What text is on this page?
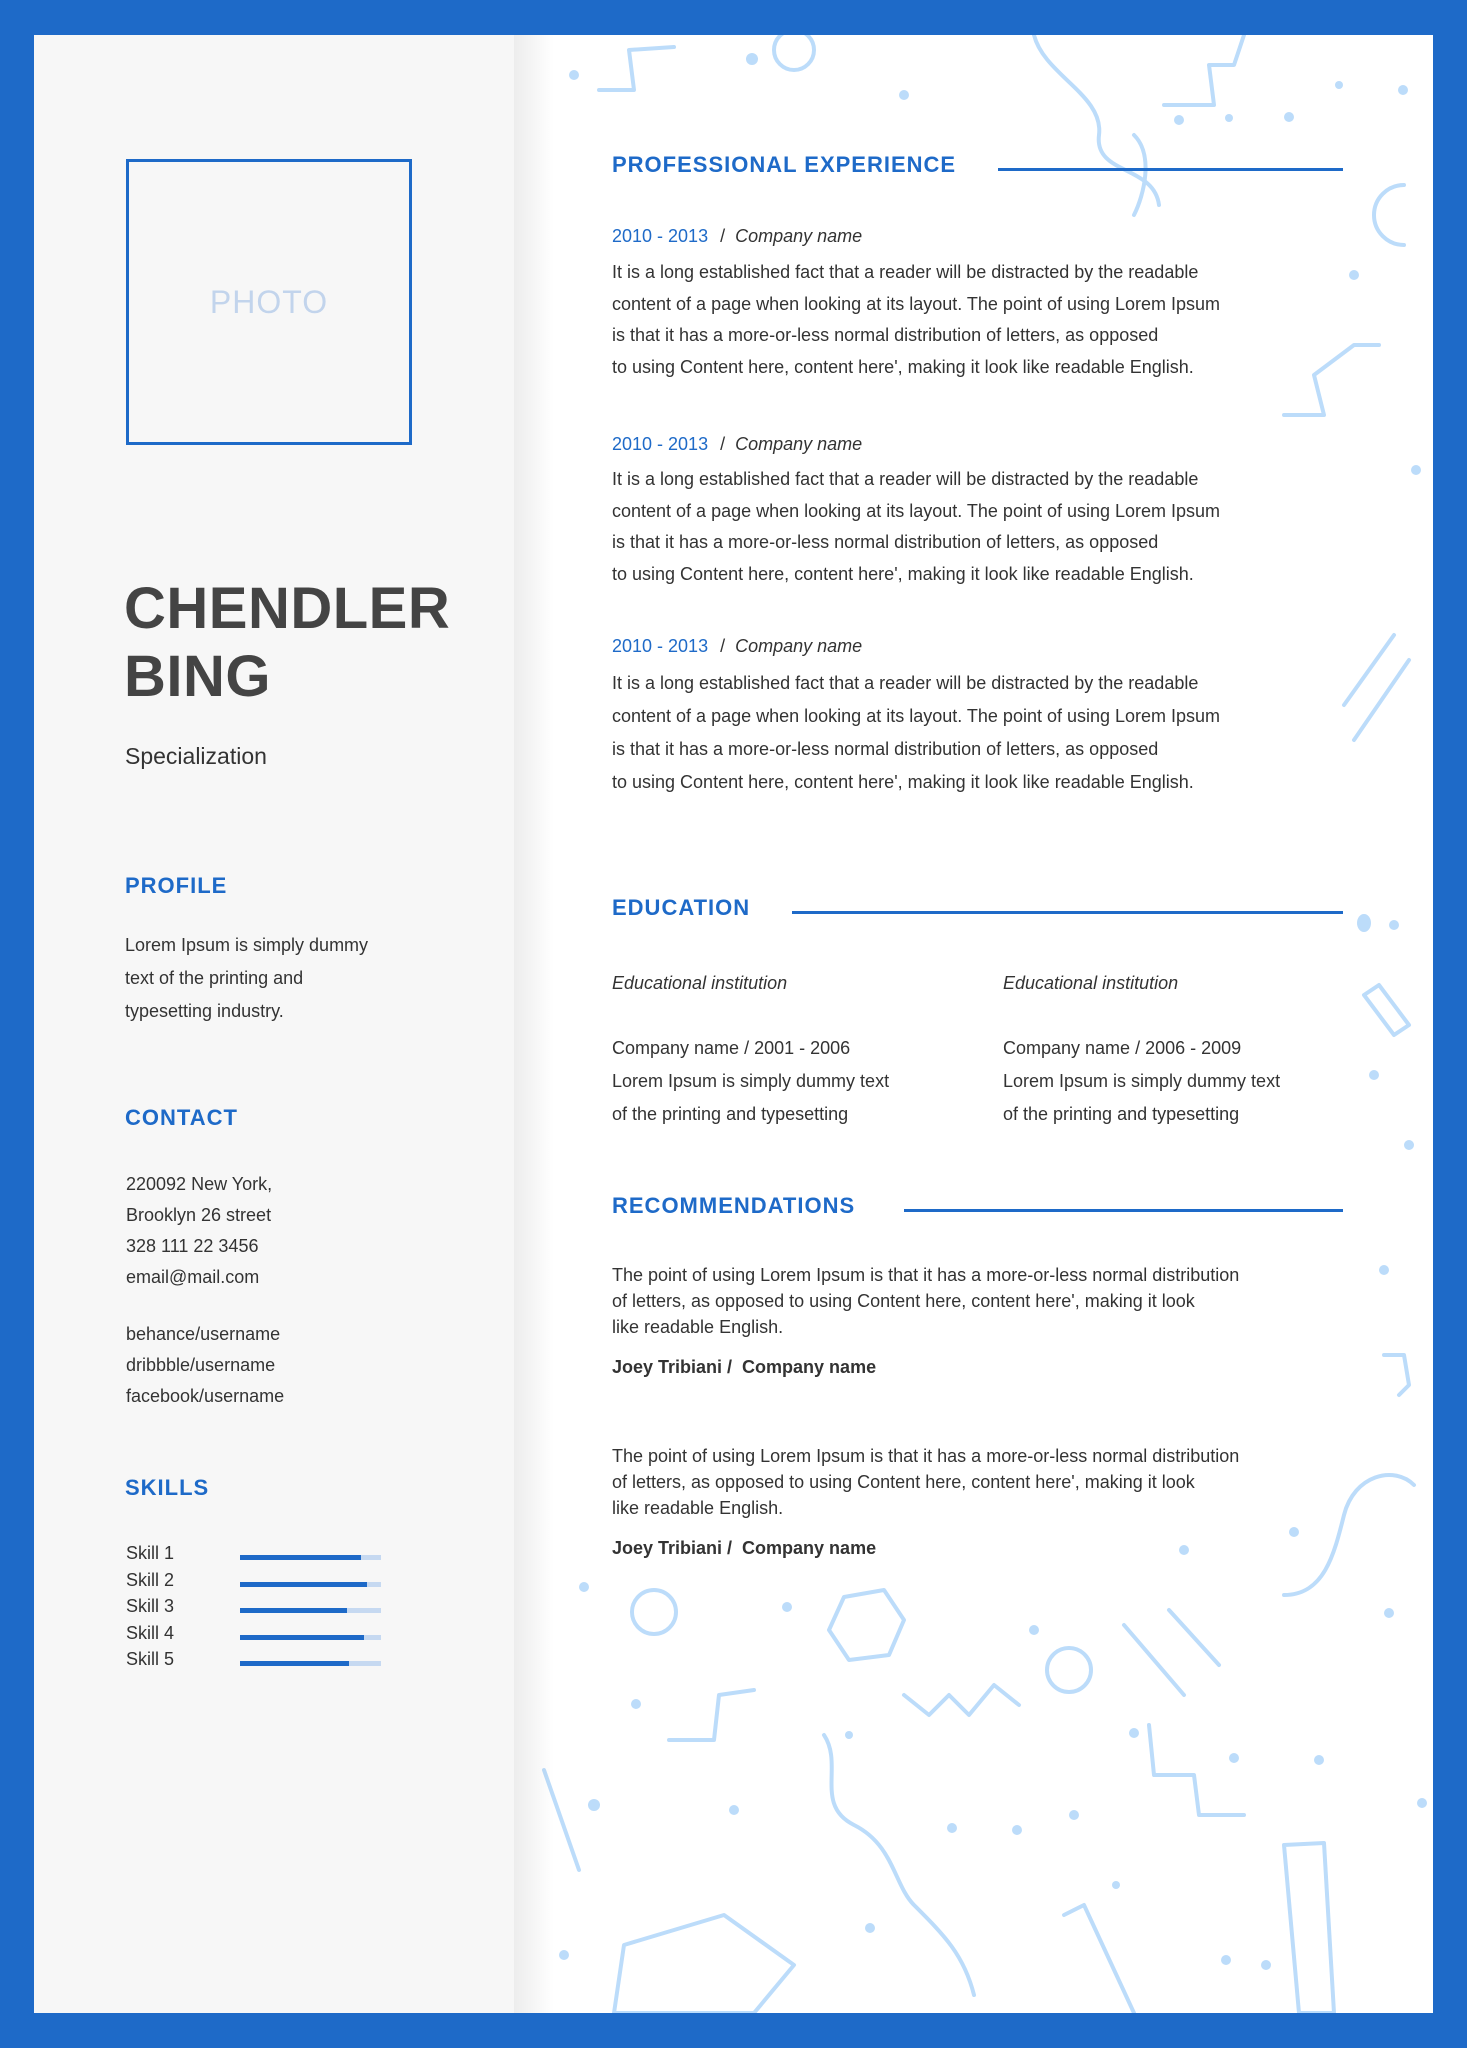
PHOTO
CHENDLER
BING
Specialization
PROFILE
Lorem Ipsum is simply dummy
text of the printing and
typesetting industry.
CONTACT
220092 New York,
Brooklyn 26 street
328 111 22 3456
email@mail.com
behance/username
dribbble/username
facebook/username
SKILLS
Skill 1
Skill 2
Skill 3
Skill 4
Skill 5
PROFESSIONAL EXPERIENCE
2010 - 2013 / Company name
It is a long established fact that a reader will be distracted by the readable
content of a page when looking at its layout. The point of using Lorem Ipsum
is that it has a more-or-less normal distribution of letters, as opposed
to using Content here, content here', making it look like readable English.
2010 - 2013 / Company name
It is a long established fact that a reader will be distracted by the readable
content of a page when looking at its layout. The point of using Lorem Ipsum
is that it has a more-or-less normal distribution of letters, as opposed
to using Content here, content here', making it look like readable English.
2010 - 2013 / Company name
It is a long established fact that a reader will be distracted by the readable
content of a page when looking at its layout. The point of using Lorem Ipsum
is that it has a more-or-less normal distribution of letters, as opposed
to using Content here, content here', making it look like readable English.
EDUCATION
Educational institution
Company name / 2001 - 2006
Lorem Ipsum is simply dummy text
of the printing and typesetting
Educational institution
Company name / 2006 - 2009
Lorem Ipsum is simply dummy text
of the printing and typesetting
RECOMMENDATIONS
The point of using Lorem Ipsum is that it has a more-or-less normal distribution
of letters, as opposed to using Content here, content here', making it look
like readable English.
Joey Tribiani / Company name
The point of using Lorem Ipsum is that it has a more-or-less normal distribution
of letters, as opposed to using Content here, content here', making it look
like readable English.
Joey Tribiani / Company name
